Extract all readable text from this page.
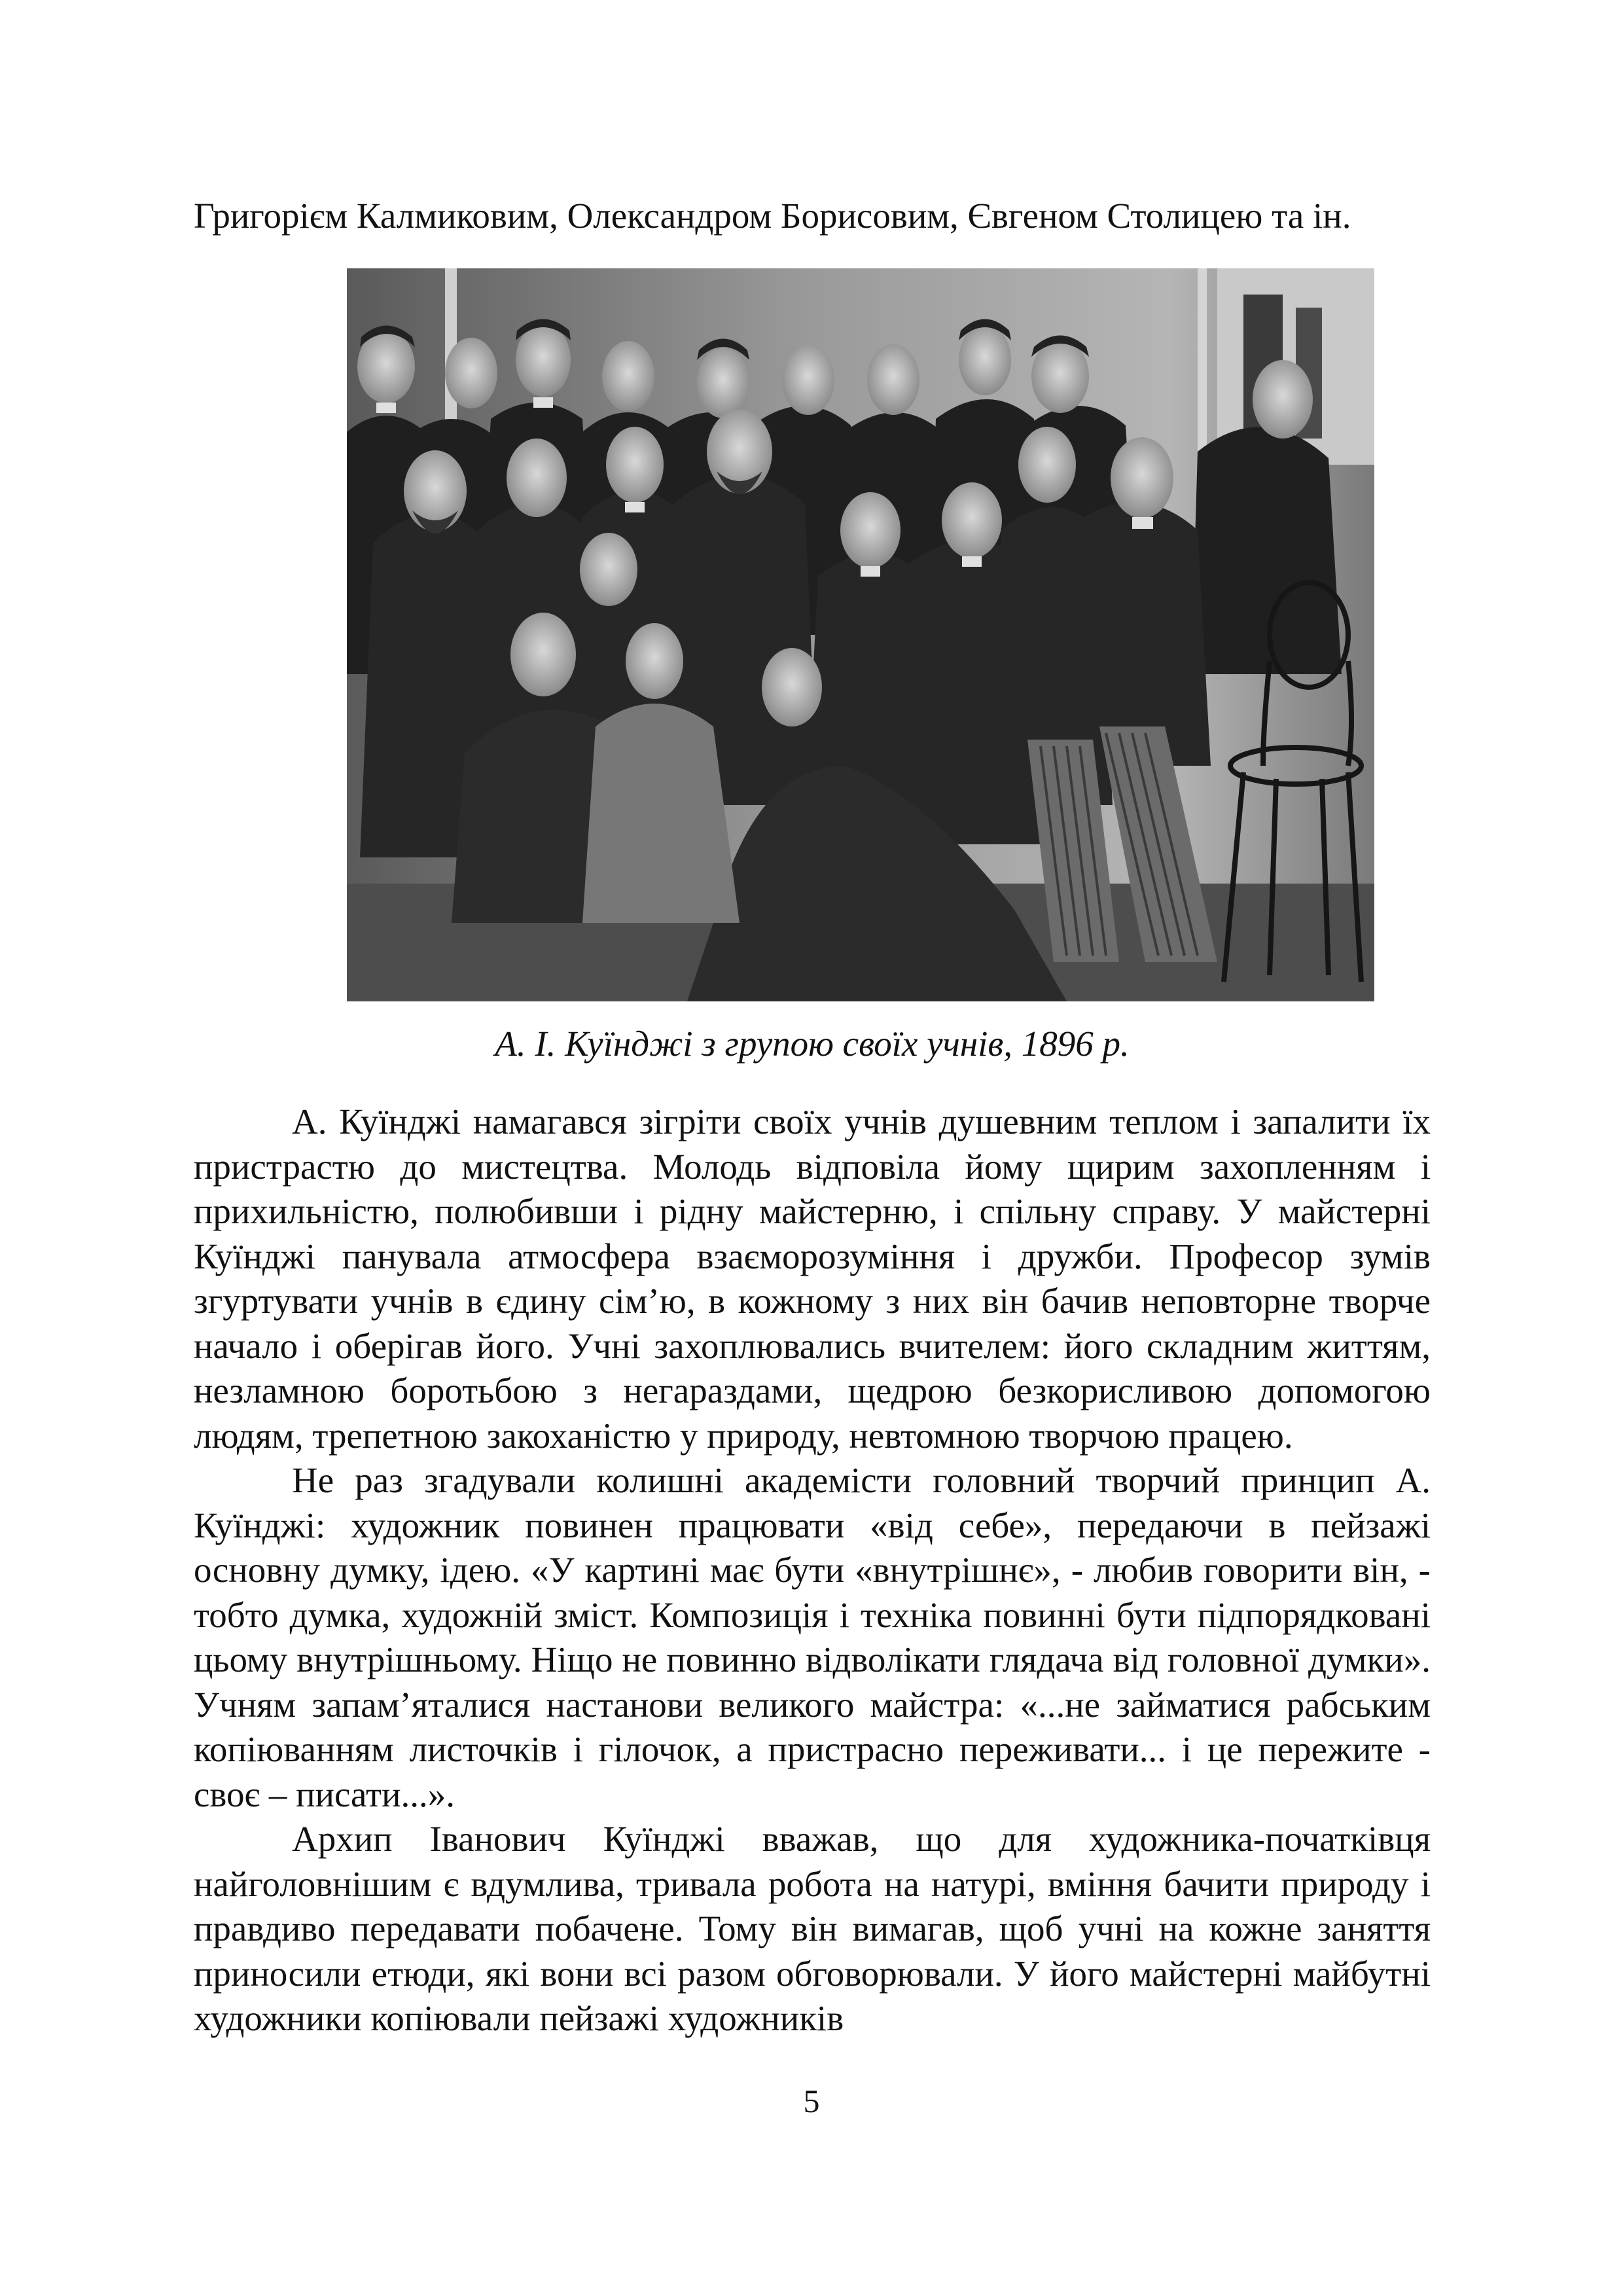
Григорієм Калмиковим, Олександром Борисовим, Євгеном Столицею та ін.
А. І. Куїнджі з групою своїх учнів, 1896 р.

А. Куїнджі намагався зігріти своїх учнів душевним теплом і запалити їх пристрастю до мистецтва. Молодь відповіла йому щирим захопленням і прихильністю, полюбивши і рідну майстерню, і спільну справу. У майстерні Куїнджі панувала атмосфера взаєморозуміння і дружби. Професор зумів згуртувати учнів в єдину сім’ю, в кожному з них він бачив неповторне творче начало і оберігав його. Учні захоплювались вчителем: його складним життям, незламною боротьбою з негараздами, щедрою безкорисливою допомогою людям, трепетною закоханістю у природу, невтомною творчою працею.

Не раз згадували колишні академісти головний творчий принцип А. Куїнджі: художник повинен працювати «від себе», передаючи в пейзажі основну думку, ідею. «У картині має бути «внутрішнє», - любив говорити він, - тобто думка, художній зміст. Композиція і техніка повинні бути підпорядковані цьому внутрішньому. Ніщо не повинно відволікати глядача від головної думки». Учням запам’яталися настанови великого майстра: «...не займатися рабським копіюванням листочків і гілочок, а пристрасно переживати... і це пережите - своє – писати...».

Архип Іванович Куїнджі вважав, що для художника-початківця найголовнішим є вдумлива, тривала робота на натурі, вміння бачити природу і правдиво передавати побачене. Тому він вимагав, щоб учні на кожне заняття приносили етюди, які вони всі разом обговорювали. У його майстерні майбутні художники копіювали пейзажі художників

5
